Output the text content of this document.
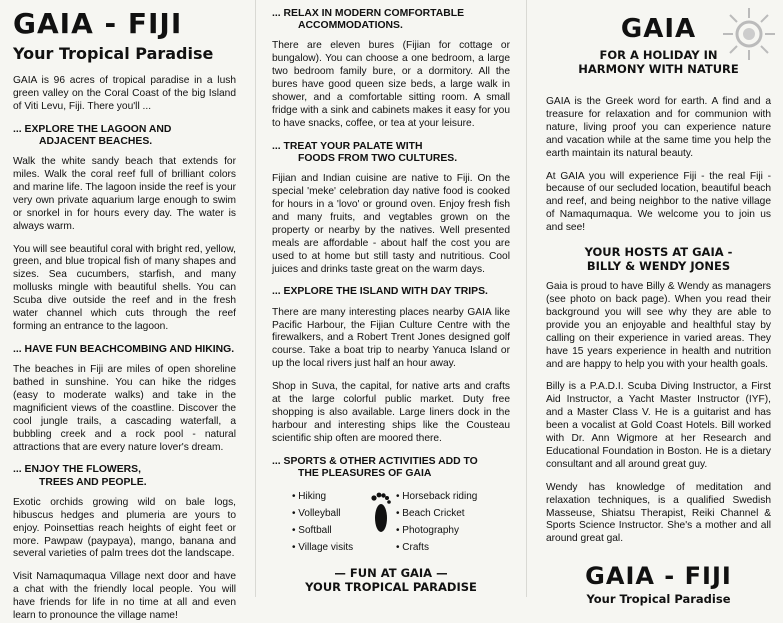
GAIA - FIJI
Your Tropical Paradise

GAIA is 96 acres of tropical paradise in a lush green valley on the Coral Coast of the big Island of Viti Levu, Fiji. There you'll ...

... EXPLORE THE LAGOON AND
ADJACENT BEACHES.

Walk the white sandy beach that extends for miles. Walk the coral reef full of brilliant colors and marine life. The lagoon inside the reef is your very own private aquarium large enough to swim or snorkel in for hours every day. The water is always warm.

You will see beautiful coral with bright red, yellow, green, and blue tropical fish of many shapes and sizes. Sea cucumbers, starfish, and many mollusks mingle with beautiful shells. You can Scuba dive outside the reef and in the fresh water channel which cuts through the reef forming an entrance to the lagoon.

... HAVE FUN BEACHCOMBING AND HIKING.

The beaches in Fiji are miles of open shoreline bathed in sunshine. You can hike the ridges (easy to moderate walks) and take in the magnificient views of the coastline. Discover the cool jungle trails, a cascading waterfall, a bubbling creek and a rock pool - natural attractions that are every nature lover's dream.

... ENJOY THE FLOWERS,
TREES AND PEOPLE.

Exotic orchids growing wild on bale logs, hibuscus hedges and plumeria are yours to enjoy. Poinsettias reach heights of eight feet or more. Pawpaw (paypaya), mango, banana and several varieties of palm trees dot the landscape.

Visit Namaqumaqua Village next door and have a chat with the friendly local people. You will have friends for life in no time at all and even learn to pronounce the village name!

... RELAX IN MODERN COMFORTABLE
ACCOMMODATIONS.

There are eleven bures (Fijian for cottage or bungalow). You can choose a one bedroom, a large two bedroom family bure, or a dormitory. All the bures have good queen size beds, a large walk in shower, and a comfortable sitting room. A small fridge with a sink and cabinets makes it easy for you to have snacks, coffee, or tea at your leisure.

... TREAT YOUR PALATE WITH
FOODS FROM TWO CULTURES.

Fijian and Indian cuisine are native to Fiji. On the special 'meke' celebration day native food is cooked for hours in a 'lovo' or ground oven. Enjoy fresh fish and many fruits, and vegtables grown on the property or nearby by the natives. Well presented meals are affordable - about half the cost you are used to at home but still tasty and nutritious. Cool juices and drinks taste great on the warm days.

... EXPLORE THE ISLAND WITH DAY TRIPS.

There are many interesting places nearby GAIA like Pacific Harbour, the Fijian Culture Centre with the firewalkers, and a Robert Trent Jones designed golf course. Take a boat trip to nearby Yanuca Island or up the local rivers just half an hour away.

Shop in Suva, the capital, for native arts and crafts at the large colorful public market. Duty free shopping is also available. Large liners dock in the harbour and interesting ships like the Cousteau scientific ship often are moored there.

... SPORTS & OTHER ACTIVITIES ADD TO
THE PLEASURES OF GAIA
• Hiking
• Volleyball
• Softball
• Village visits
• Horseback riding
• Beach Cricket
• Photography
• Crafts
— FUN AT GAIA —
YOUR TROPICAL PARADISE
GAIA
FOR A HOLIDAY IN
HARMONY WITH NATURE

GAIA is the Greek word for earth. A find and a treasure for relaxation and for communion with nature, living proof you can experience nature and vacation while at the same time you help the earth maintain its natural beauty.

At GAIA you will experience Fiji - the real Fiji - because of our secluded location, beautiful beach and reef, and being neighbor to the native village of Namaqumaqua. We welcome you to join us and see!

YOUR HOSTS AT GAIA -
BILLY & WENDY JONES

Gaia is proud to have Billy & Wendy as managers (see photo on back page). When you read their background you will see why they are able to provide you an enjoyable and healthful stay by calling on their experience in varied areas. They have 15 years experience in health and nutrition and are happy to help you with your health goals.

Billy is a P.A.D.I. Scuba Diving Instructor, a First Aid Instructor, a Yacht Master Instructor (IYF), and a Master Class V. He is a guitarist and has been a vocalist at Gold Coast Hotels. Bill worked with Dr. Ann Wigmore at her Research and Educational Foundation in Boston. He is a dietary consultant and all around great guy.

Wendy has knowledge of meditation and relaxation techniques, is a qualified Swedish Masseuse, Shiatsu Therapist, Reiki Channel & Sports Science Instructor. She's a mother and all around great gal.

GAIA - FIJI
Your Tropical Paradise
